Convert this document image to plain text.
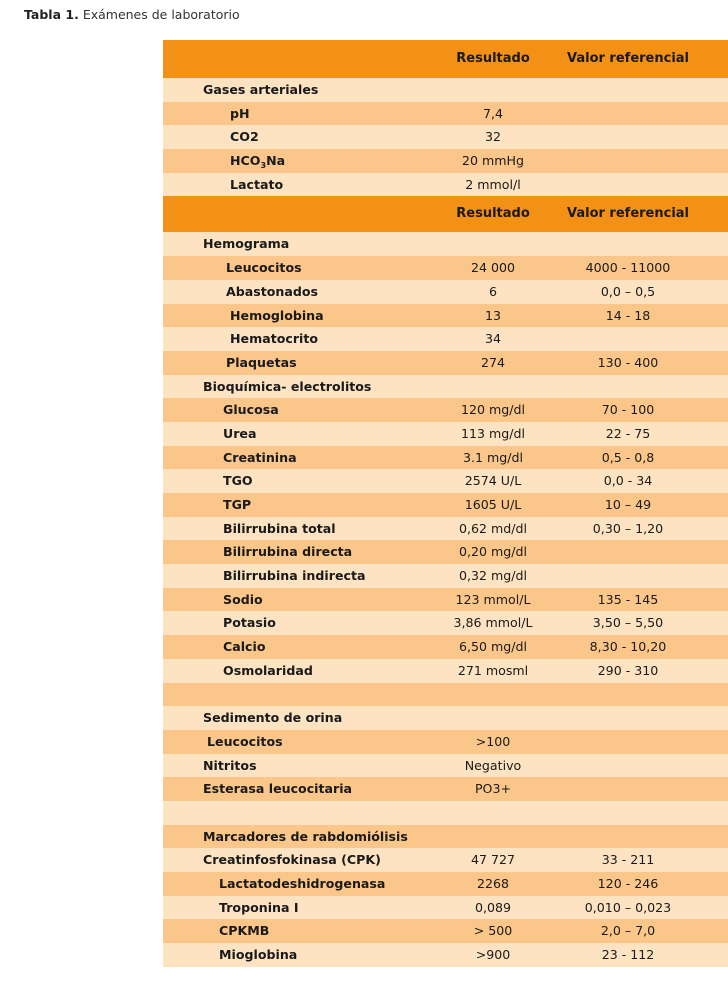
Tabla 1. Exámenes de laboratorio
Resultado	Valor referencial
Gases arteriales
pH	7,4
CO2	32
$HCO_3Na$	20 mmHg
Lactato	2 mmol/l
Resultado	Valor referencial
Hemograma
Leucocitos	24 000	4000 - 11000
Abastonados	6	0,0 – 0,5
Hemoglobina	13	14 - 18
Hematocrito	34
Plaquetas	274	130 - 400
Bioquímica- electrolitos
Glucosa	120 mg/dl	70 - 100
Urea	113 mg/dl	22 - 75
Creatinina	3.1 mg/dl	0,5 - 0,8
TGO	2574 U/L	0,0 - 34
TGP	1605 U/L	10 – 49
Bilirrubina total	0,62 md/dl	0,30 – 1,20
Bilirrubina directa	0,20 mg/dl
Bilirrubina indirecta	0,32 mg/dl
Sodio	123 mmol/L	135 - 145
Potasio	3,86 mmol/L	3,50 – 5,50
Calcio	6,50 mg/dl	8,30 - 10,20
Osmolaridad	271 mosml	290 - 310
Sedimento de orina
Leucocitos	>100
Nitritos	Negativo
Esterasa leucocitaria	PO3+
Marcadores de rabdomiólisis
Creatinfosfokinasa (CPK)	47 727	33 - 211
Lactatodeshidrogenasa	2268	120 - 246
Troponina I	0,089	0,010 – 0,023
CPKMB	> 500	2,0 – 7,0
Mioglobina	>900	23 - 112
